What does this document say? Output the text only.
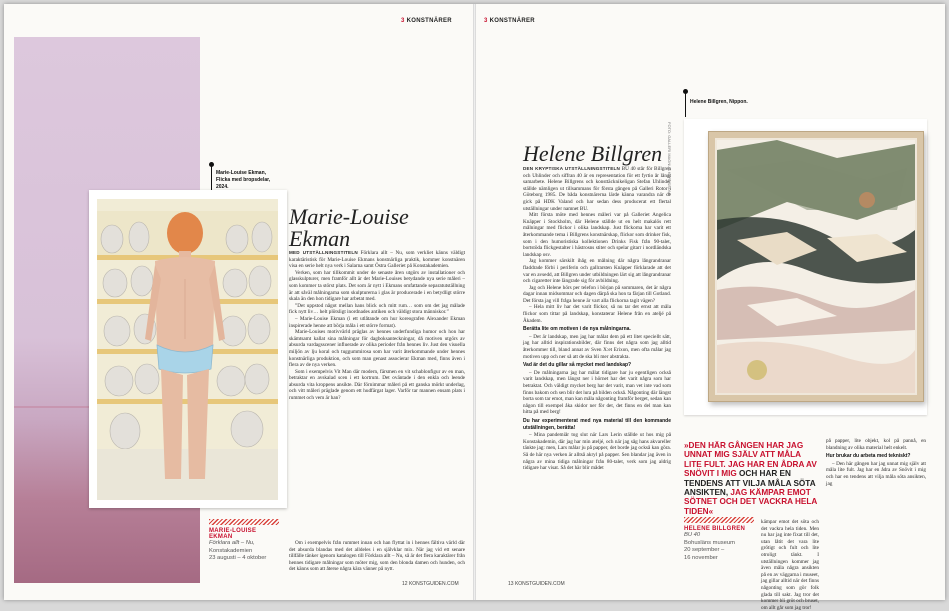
3 KONSTNÄRER
Marie-Louise Ekman,
Flicka med bropsdelar,
2024.
Marie-Louise
Ekman

MED UTSTÄLLNINGSTITELN Förklara allt – Nu, som verkliet känns väldigt karaktäristisk för Marie-Louise Ekmans konstnärliga praktik, kommer konstnären visa en serie helt nya verk i Salarna samt Östra Galleriet på Konstakademien.

Verken, som har tillkommit under de senaste åren utgörs av installationer och glasskulpturer, men framför allt är det Marie-Louises betydande nya serie måleri – som kommer ta störst plats. Det som är nytt i Ekmans omfattande separatutställning är att såväl målningarna som skulpturerna i glas är producerade i en betydligt större skala än den hon tidigare har arbetat med.

”Det uppstod något mellan hans blick och mitt rum… som om det jag målade fick nytt liv… helt plötsligt inordnades antiken och väldigt stora människor.”

– Marie-Louise Ekman (i ett utlåtande om hur koreografen Alexander Ekman inspirerade henne att börja måla i ett större format).

Marie-Louises motivvärld präglas av hennes underfundiga humor och hon har skämtsamt kallat sina målningar för dagboksanteckningar, då motiven utgörs av absurda vardagsscener influerade av olika perioder från hennes liv. Just den visuella miljön av lju koral och tuggummirosa som har varit återkommande under hennes konstnärliga produktion, och som man genast associerar Ekman med, finns även i flera av de nya verken.

Som i exempelvis Vit Man där modern, färsmen en vit schablonfigur av en man, betraktar en avskalad scen i ett kortrum. Det oväntade i den enkla och leende absurda vita kroppens ansikte. Där förnimmar måleri på ett ganska mörkt underlag, och vitt måleri präglade genom ett hudfärgat lager. Varför tar mannen ensam plats i rummet och vem är han?

Om i exempelvis från rummet innan och han flyttat in i hennes fältiva värld där det absurda blandas med det alldeles i en självklar mix. När jag vid ett senare tillfälle tänker igenom katalogen till Förklara allt – Nu, så är det flera karaktärer från hennes tidigare målningar som möter mig, som den blonda damen och hunden, och det känns som att återse några kära vänner på nytt.

MARIE-LOUISE EKMAN
Förklara allt – Nu,
Konstakademien
23 augusti – 4 oktober
12 KONSTGUIDEN.COM
3 KONSTNÄRER
Helene Billgren, Nippon.
FOTO: GALLERI MAGNUS KARLSSON
Helene Billgren

DEN KRYPTISKA UTSTÄLLNINGSTITELN BU 40 står för Billgren och Uhlinder och siffran 40 är en representation för ett fyrtio år långt samarbete. Helene Billgrens och konsttäcknikeligan Stefan Uhlinder ställde nämligen ut tillsammans för första gången på Galleri Rotor i Göteborg 1985. De båda konstnärerna lärde känna varandra när de gick på HDK Valand och har sedan dess producerat ett flertal utställningar under namnet BU.

Mitt första möte med hennes måleri var på Galleriet Angelica Knäpper i Stockholm, där Helene ställde ut en helt makalös rett målningar med flickor i olika landskap. Just flickorna har varit ett återkommande tema i Billgrens konstnärskap, flickor som drinker fisk, som i den humoristiska kollektionen Drinks Fisk från 90-talet, bortstöda flickgestalter i hästrosns stiter och spelar gitarr i nordländska landskap osv.

Jag kommer särskilt ihåg en målning där några långrandranar fladdrade förbi i periferin och gallrarsten Knäpper förklarade att det var en avsedd, att Billgren under utbildningen lärt sig att långrandranar och cigaretter inte längrade sig för avbildning.

Jag och Helene hörs per telefon i början på sommaren, det är några dagar innan midsommar och dagen därpå ska hon ta färjan till Gotland. Det första jag vill fråga henne är vart alla flickorna tagit vägen?

– Hela mitt liv har det varit flickor, så nu tar det ernst att måla flickor som tittar på landskap, konstaterar Helene från en ateljé på Åkadem.

Berätta lite om motiven i de nya målningarna.

– Det är landskap, men jag har målat dem på ett litet speciellt sätt, jag har alltid inspirationsbilder, där finns det några som jag alltid återkommer till, bland annat av Sven X:et Erixon, men ofta målar jag motiven upp och ner så att de ska bli mer abstrakta.

Vad är det du gillar så mycket med landskap?

– De målningarna jag har målat tidigare har ju egentligen också varit landskap, men längst ner i hörnet har det varit några som har betraktat. Och väldigt mycket berg har det varit, man vet inte vad som finns bakom och sen blir det lura på bilden också. Någonting där längst borta som tar emot, man kan måla någonting framför berget, sedan kan någon till exempel åka skidor ner för det, det finns en del man kan hitta på med berg!

Du har experimenterat med nya material till den kommande utställningen, berätta!

– Mina pandemiår tog slut när Lars Lerin ställde ut hos mig på Konstakademin, där jag har min ateljé, och när jag såg hans akvareller tänkte jag: men, Lars målar ju på papper, det borde jag också kan göra. Så de här nya verken är alltså akryl på papper. Sen blandar jag även in några av mina tidiga målningar från 80-talet, verk som jag aldrig tidigare har visat. Så det här blir mådet

»DEN HÄR GÅNGEN HAR JAG UNNAT MIG SJÄLV ATT MÅLA LITE FULT. JAG HAR EN ÅDRA AV SNÖVIT I MIG OCH HAR EN TENDENS ATT VILJA MÅLA SÖTA ANSIKTEN, JAG KÄMPAR EMOT SÖTNET OCH DET VACKRA HELA TIDEN«
HELENE BILLGREN
BU 40
Bohusläns museum
20 september –
16 november

kämpar emot det söta och det vackra hela tiden. Men nu har jag inte fixat till det, utan låtit det vara lite grötigt och fult och lite otroligt tänkt. I utställningen kommer jag även måla några ansikten på en av väggarna i museet, jag gillar alltid när det finns någonting som gör folk glada till sakt. Jag tror det kommer bli gröt och bruset, om allt går som jag tror!

på papper, lite objekt, kol på pannå, en blandning av olika material helt enkelt.

Hur brukar du arbeta med tekniskt?

– Den här gången har jag unnat mig själv att måla lite fult. Jag har en ådra av Snövit i mig och har en tendens att vilja måla söta ansikten, jag

13 KONSTGUIDEN.COM
